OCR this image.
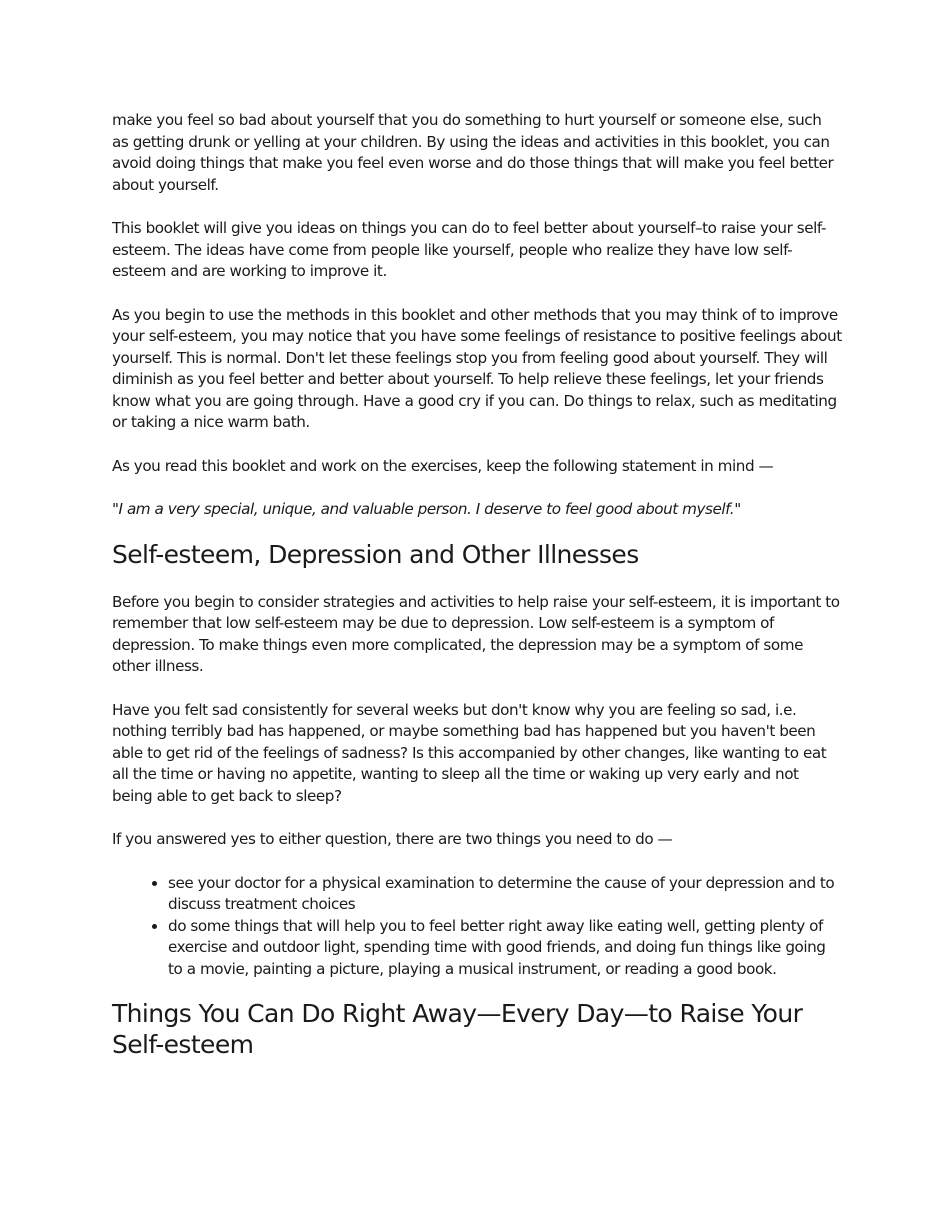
make you feel so bad about yourself that you do something to hurt yourself or someone else, such as getting drunk or yelling at your children. By using the ideas and activities in this booklet, you can avoid doing things that make you feel even worse and do those things that will make you feel better about yourself.

This booklet will give you ideas on things you can do to feel better about yourself–to raise your self-esteem. The ideas have come from people like yourself, people who realize they have low self-esteem and are working to improve it.

As you begin to use the methods in this booklet and other methods that you may think of to improve your self-esteem, you may notice that you have some feelings of resistance to positive feelings about yourself. This is normal. Don't let these feelings stop you from feeling good about yourself. They will diminish as you feel better and better about yourself. To help relieve these feelings, let your friends know what you are going through. Have a good cry if you can. Do things to relax, such as meditating or taking a nice warm bath.

As you read this booklet and work on the exercises, keep the following statement in mind —

"I am a very special, unique, and valuable person. I deserve to feel good about myself."

Self-esteem, Depression and Other Illnesses

Before you begin to consider strategies and activities to help raise your self-esteem, it is important to remember that low self-esteem may be due to depression. Low self-esteem is a symptom of depression. To make things even more complicated, the depression may be a symptom of some other illness.

Have you felt sad consistently for several weeks but don't know why you are feeling so sad, i.e. nothing terribly bad has happened, or maybe something bad has happened but you haven't been able to get rid of the feelings of sadness? Is this accompanied by other changes, like wanting to eat all the time or having no appetite, wanting to sleep all the time or waking up very early and not being able to get back to sleep?

If you answered yes to either question, there are two things you need to do —

• see your doctor for a physical examination to determine the cause of your depression and to discuss treatment choices
• do some things that will help you to feel better right away like eating well, getting plenty of exercise and outdoor light, spending time with good friends, and doing fun things like going to a movie, painting a picture, playing a musical instrument, or reading a good book.
Things You Can Do Right Away—Every Day—to Raise Your Self-esteem
